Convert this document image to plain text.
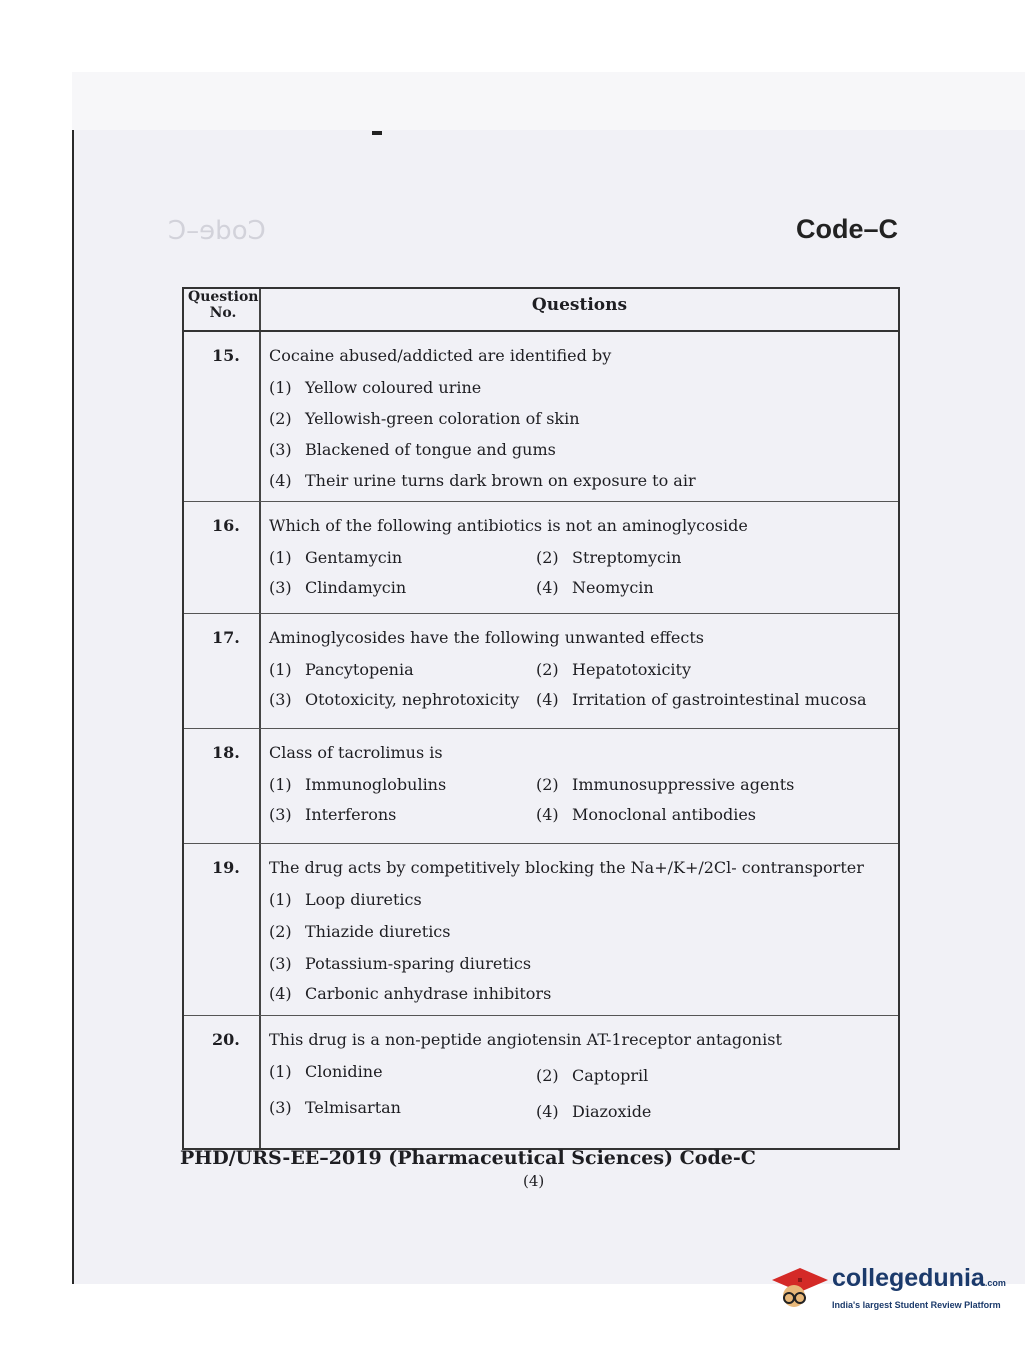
Code–C	Code–C
Question
No.	Questions
15. Cocaine abused/addicted are identified by
(1) Yellow coloured urine
(2) Yellowish-green coloration of skin
(3) Blackened of tongue and gums
(4) Their urine turns dark brown on exposure to air
16. Which of the following antibiotics is not an aminoglycoside
(1) Gentamycin	(2) Streptomycin
(3) Clindamycin	(4) Neomycin
17. Aminoglycosides have the following unwanted effects
(1) Pancytopenia	(2) Hepatotoxicity
(3) Ototoxicity, nephrotoxicity (4) Irritation of gastrointestinal mucosa
18. Class of tacrolimus is
(1) Immunoglobulins	(2) Immunosuppressive agents
(3) Interferons	(4) Monoclonal antibodies
19. The drug acts by competitively blocking the Na+/K+/2Cl- contransporter
(1) Loop diuretics
(2) Thiazide diuretics
(3) Potassium-sparing diuretics
(4) Carbonic anhydrase inhibitors
20. This drug is a non-peptide angiotensin AT-1receptor antagonist
(1) Clonidine	(2) Captopril
(3) Telmisartan	(4) Diazoxide
PHD/URS-EE–2019 (Pharmaceutical Sciences) Code-C
(4)
collegedunia.com
India's largest Student Review Platform
